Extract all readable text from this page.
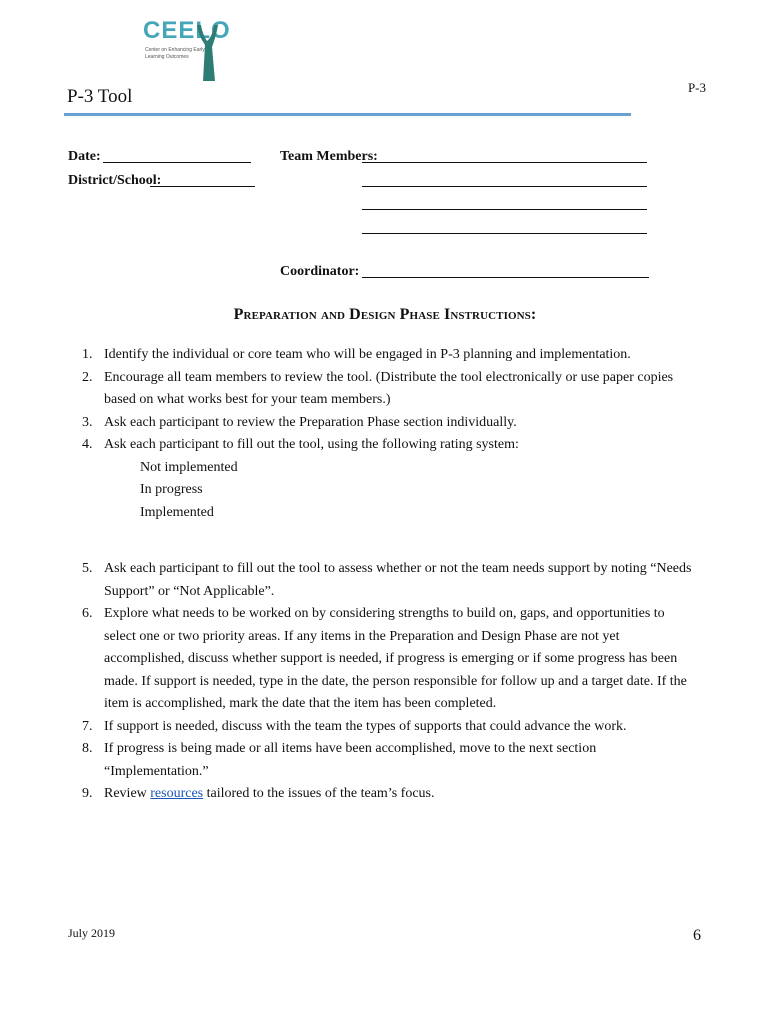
CEELO
Center on Enhancing Early Learning Outcomes
P-3
P-3 Tool
Date:
District/School:
Team Members:
Coordinator:
Preparation and Design Phase Instructions:
1. Identify the individual or core team who will be engaged in P-3 planning and implementation.
2. Encourage all team members to review the tool. (Distribute the tool electronically or use paper copies based on what works best for your team members.)
3. Ask each participant to review the Preparation Phase section individually.
4. Ask each participant to fill out the tool, using the following rating system:
Not implemented
In progress
Implemented
5. Ask each participant to fill out the tool to assess whether or not the team needs support by noting “Needs Support” or “Not Applicable”.
6. Explore what needs to be worked on by considering strengths to build on, gaps, and opportunities to select one or two priority areas. If any items in the Preparation and Design Phase are not yet accomplished, discuss whether support is needed, if progress is emerging or if some progress has been made. If support is needed, type in the date, the person responsible for follow up and a target date. If the item is accomplished, mark the date that the item has been completed.
7. If support is needed, discuss with the team the types of supports that could advance the work.
8. If progress is being made or all items have been accomplished, move to the next section “Implementation.”
9. Review resources tailored to the issues of the team’s focus.
July 2019	6
